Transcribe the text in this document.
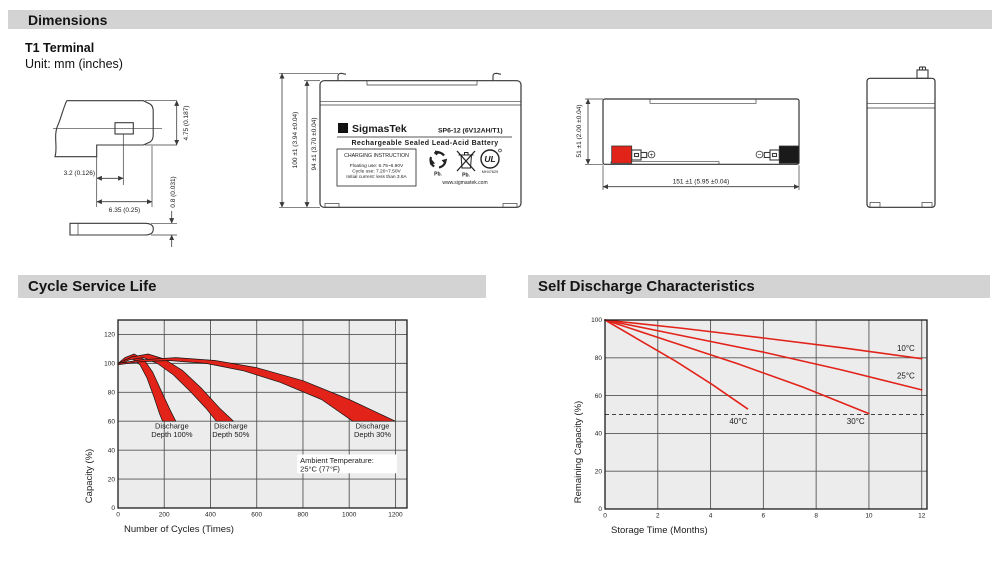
Dimensions
T1 Terminal
Unit: mm (inches)
3.2 (0.126)
6.35 (0.25)
4.75 (0.187)
0.8 (0.031)
100 ±1 (3.94 ±0.04) 94 ±1 (3.70 ±0.04)	Σ SigmasTek	SP6-12 (6V12AH/T1)
Rechargeable Sealed Lead-Acid Battery
CHARGING INSTRUCTION
Floating use: 6.75~6.90V
Cycle use: 7.20~7.50V
Initial current: less than 3.6A	Pb.	Pb.
UL
MH47629
www.sigmastek.com
+	−
51 ±1 (2.00 ±0.04)
151 ±1 (5.95 ±0.04)
Cycle Service Life	Self Discharge Characteristics
0	200	400	600	800	1000	1200
0
20
40
60
80
100
120
Number of Cycles (Times)
Capacity (%)
Discharge
Depth 100%
Discharge
Depth 50%
Discharge
Depth 30%
Ambient Temperature:
25°C (77°F)
0	2	4	6	8	10	12
0
20
40
60
80
100
Storage Time (Months)
Remaining Capacity (%)
10°C
25°C
30°C
40°C
